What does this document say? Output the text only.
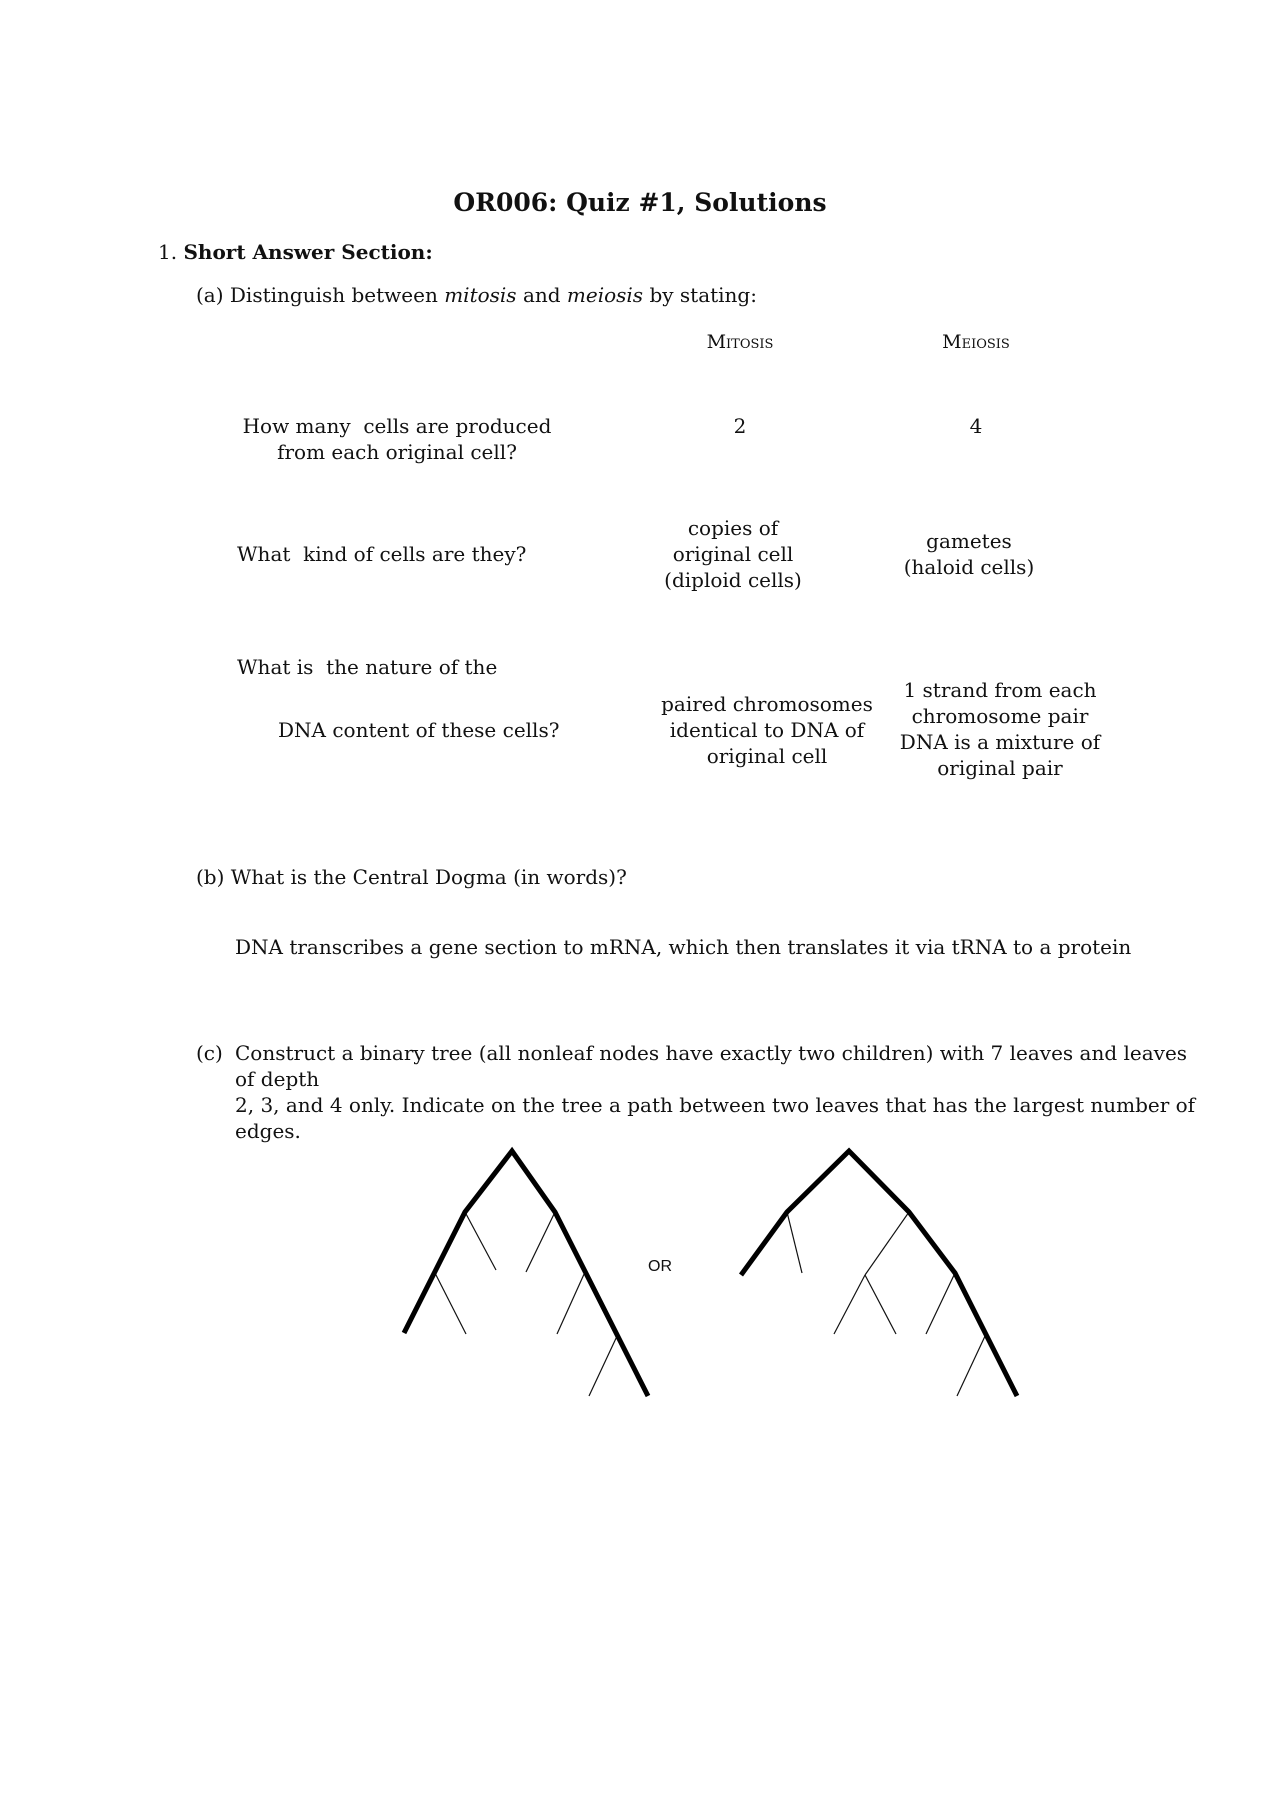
OR006: Quiz #1, Solutions
1. Short Answer Section:
(a) Distinguish between mitosis and meiosis by stating:
Mitosis	Meiosis
How many  cells are produced
from each original cell?
2	4
What  kind of cells are they?
copies of
original cell
(diploid cells)
gametes
(haloid cells)
What is  the nature of the
DNA content of these cells?
paired chromosomes
identical to DNA of
original cell
1 strand from each
chromosome pair
DNA is a mixture of
original pair
(b) What is the Central Dogma (in words)?
DNA transcribes a gene section to mRNA, which then translates it via tRNA to a protein
(c) Construct a binary tree (all nonleaf nodes have exactly two children) with 7 leaves and leaves of depth
2, 3, and 4 only. Indicate on the tree a path between two leaves that has the largest number of edges.
OR
